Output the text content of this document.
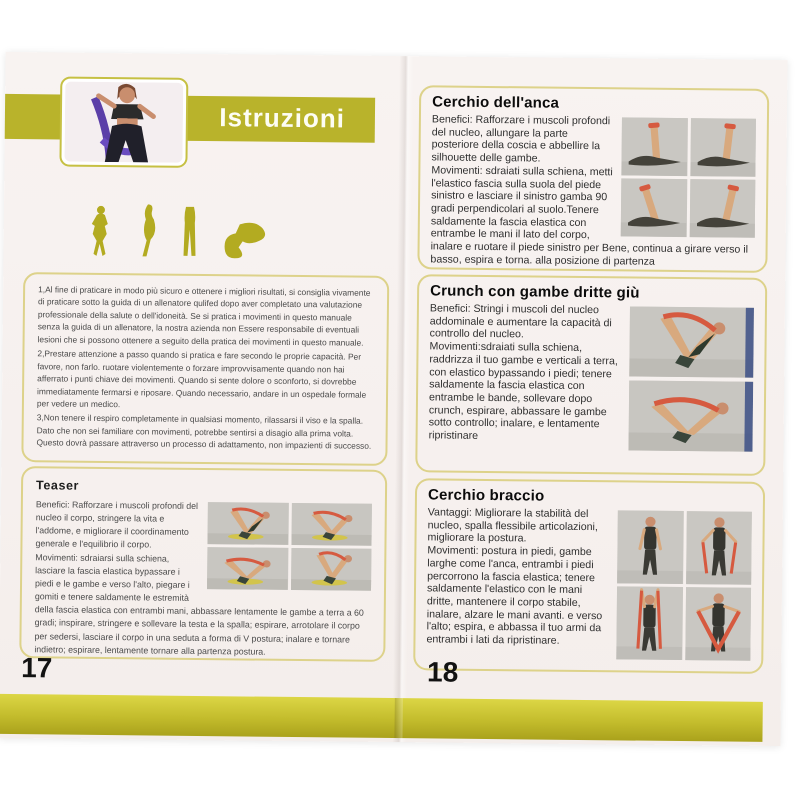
Istruzioni

1,Al fine di praticare in modo più sicuro e ottenere i migliori risultati, si consiglia vivamente di praticare sotto la guida di un allenatore qulifed dopo aver completato una valutazione professionale della salute o dell'idoneità. Se si pratica i movimenti in questo manuale senza la guida di un allenatore, la nostra azienda non Essere responsabile di eventuali lesioni che si possono ottenere a seguito della pratica dei movimenti in questo manuale.

2,Prestare attenzione a passo quando si pratica e fare secondo le proprie capacità. Per favore, non farlo. ruotare violentemente o forzare improvvisamente quando non hai afferrato i punti chiave dei movimenti. Quando si sente dolore o sconforto, si dovrebbe immediatamente fermarsi e riposare. Quando necessario, andare in un ospedale formale per vedere un medico.

3,Non tenere il respiro completamente in qualsiasi momento, rilassarsi il viso e la spalla. Dato che non sei familiare con movimenti, potrebbe sentirsi a disagio alla prima volta. Questo dovrà passare attraverso un processo di adattamento, non impazienti di successo.

Teaser

Benefici: Rafforzare i muscoli profondi del nucleo il corpo, stringere la vita e l'addome, e migliorare il coordinamento generale e l'equilibrio il corpo.

Movimenti: sdraiarsi sulla schiena, lasciare la fascia elastica bypassare i piedi e le gambe e verso l'alto, piegare i gomiti e tenere saldamente le estremità della fascia elastica con entrambi mani, abbassare lentamente le gambe a terra a 60 gradi; inspirare, stringere e sollevare la testa e la spalla; espirare, arrotolare il corpo per sedersi, lasciare il corpo in una seduta a forma di V postura; inalare e tornare indietro; espirare, lentamente tornare alla partenza postura.

17
Cerchio dell'anca

Benefici: Rafforzare i muscoli profondi del nucleo, allungare la parte posteriore della coscia e abbellire la silhouette delle gambe.

Movimenti: sdraiati sulla schiena, metti l'elastico fascia sulla suola del piede sinistro e lasciare il sinistro gamba 90 gradi perpendicolari al suolo.Tenere saldamente la fascia elastica con entrambe le mani il lato del corpo, inalare e ruotare il piede sinistro per Bene, continua a girare verso il basso, espira e torna. alla posizione di partenza

Crunch con gambe dritte giù

Benefici: Stringi i muscoli del nucleo addominale e aumentare la capacità di controllo del nucleo.

Movimenti:sdraiati sulla schiena, raddrizza il tuo gambe e verticali a terra, con elastico bypassando i piedi; tenere saldamente la fascia elastica con entrambe le bande, sollevare dopo crunch, espirare, abbassare le gambe sotto controllo; inalare, e lentamente ripristinare

Cerchio braccio

Vantaggi: Migliorare la stabilità del nucleo, spalla flessibile articolazioni, migliorare la postura.

Movimenti: postura in piedi, gambe larghe come l'anca, entrambi i piedi percorrono la fascia elastica; tenere saldamente l'elastico con le mani dritte, mantenere il corpo stabile, inalare, alzare le mani avanti. e verso l'alto; espira, e abbassa il tuo armi da entrambi i lati da ripristinare.

18
